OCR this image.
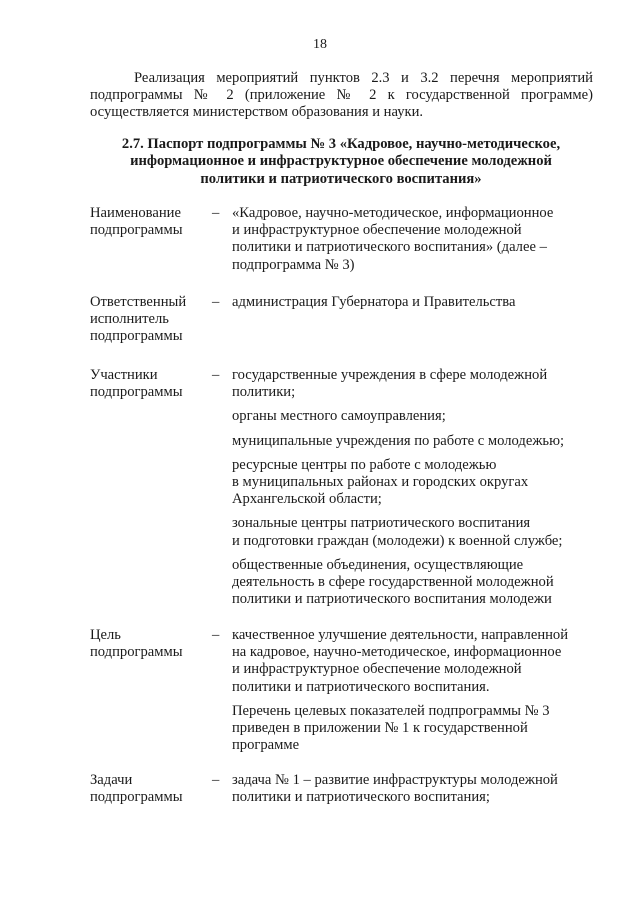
18
Реализация мероприятий пунктов 2.3 и 3.2 перечня мероприятий подпрограммы № 2 (приложение № 2 к государственной программе) осуществляется министерством образования и науки.
2.7. Паспорт подпрограммы № 3 «Кадровое, научно-методическое,
информационное и инфраструктурное обеспечение молодежной
политики и патриотического воспитания»
Наименование
подпрограммы
– «Кадровое, научно-методическое, информационное
и инфраструктурное обеспечение молодежной
политики и патриотического воспитания» (далее –
подпрограмма № 3)

Ответственный
исполнитель
подпрограммы
– администрация Губернатора и Правительства

Участники
подпрограммы
– государственные учреждения в сфере молодежной
политики;

органы местного самоуправления;

муниципальные учреждения по работе с молодежью;

ресурсные центры по работе с молодежью
в муниципальных районах и городских округах
Архангельской области;

зональные центры патриотического воспитания
и подготовки граждан (молодежи) к военной службе;

общественные объединения, осуществляющие
деятельность в сфере государственной молодежной
политики и патриотического воспитания молодежи

Цель
подпрограммы
– качественное улучшение деятельности, направленной
на кадровое, научно-методическое, информационное
и инфраструктурное обеспечение молодежной
политики и патриотического воспитания.

Перечень целевых показателей подпрограммы № 3
приведен в приложении № 1 к государственной
программе

Задачи
подпрограммы
– задача № 1 – развитие инфраструктуры молодежной
политики и патриотического воспитания;
